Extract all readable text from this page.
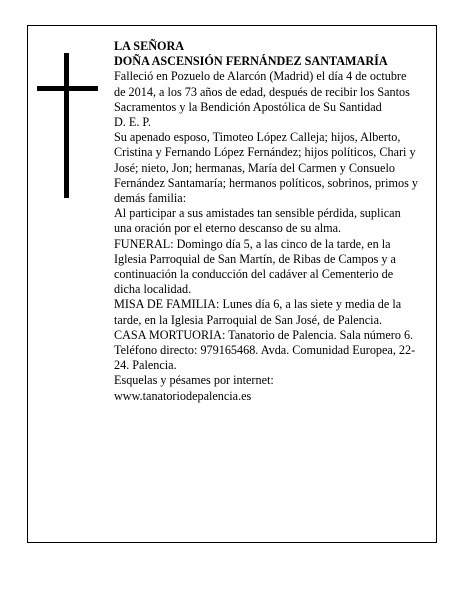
LA SEÑORA

DOÑA ASCENSIÓN FERNÁNDEZ SANTAMARÍA

Falleció en Pozuelo de Alarcón (Madrid) el día 4 de octubre de 2014, a los 73 años de edad, después de recibir los Santos Sacramentos y la Bendición Apostólica de Su Santidad

D. E. P.

Su apenado esposo, Timoteo López Calleja; hijos, Alberto, Cristina y Fernando López Fernández; hijos políticos, Chari y José; nieto, Jon; hermanas, María del Carmen y Consuelo Fernández Santamaría; hermanos políticos, sobrinos, primos y demás familia:

Al participar a sus amistades tan sensible pérdida, suplican una oración por el eterno descanso de su alma.

FUNERAL: Domingo día 5, a las cinco de la tarde, en la Iglesia Parroquial de San Martín, de Ribas de Campos y a continuación la conducción del cadáver al Cementerio de dicha localidad.

MISA DE FAMILIA: Lunes día 6, a las siete y media de la tarde, en la Iglesia Parroquial de San José, de Palencia.

CASA MORTUORIA: Tanatorio de Palencia. Sala número 6. Teléfono directo: 979165468. Avda. Comunidad Europea, 22-24. Palencia.

Esquelas y pésames por internet:

www.tanatoriodepalencia.es
